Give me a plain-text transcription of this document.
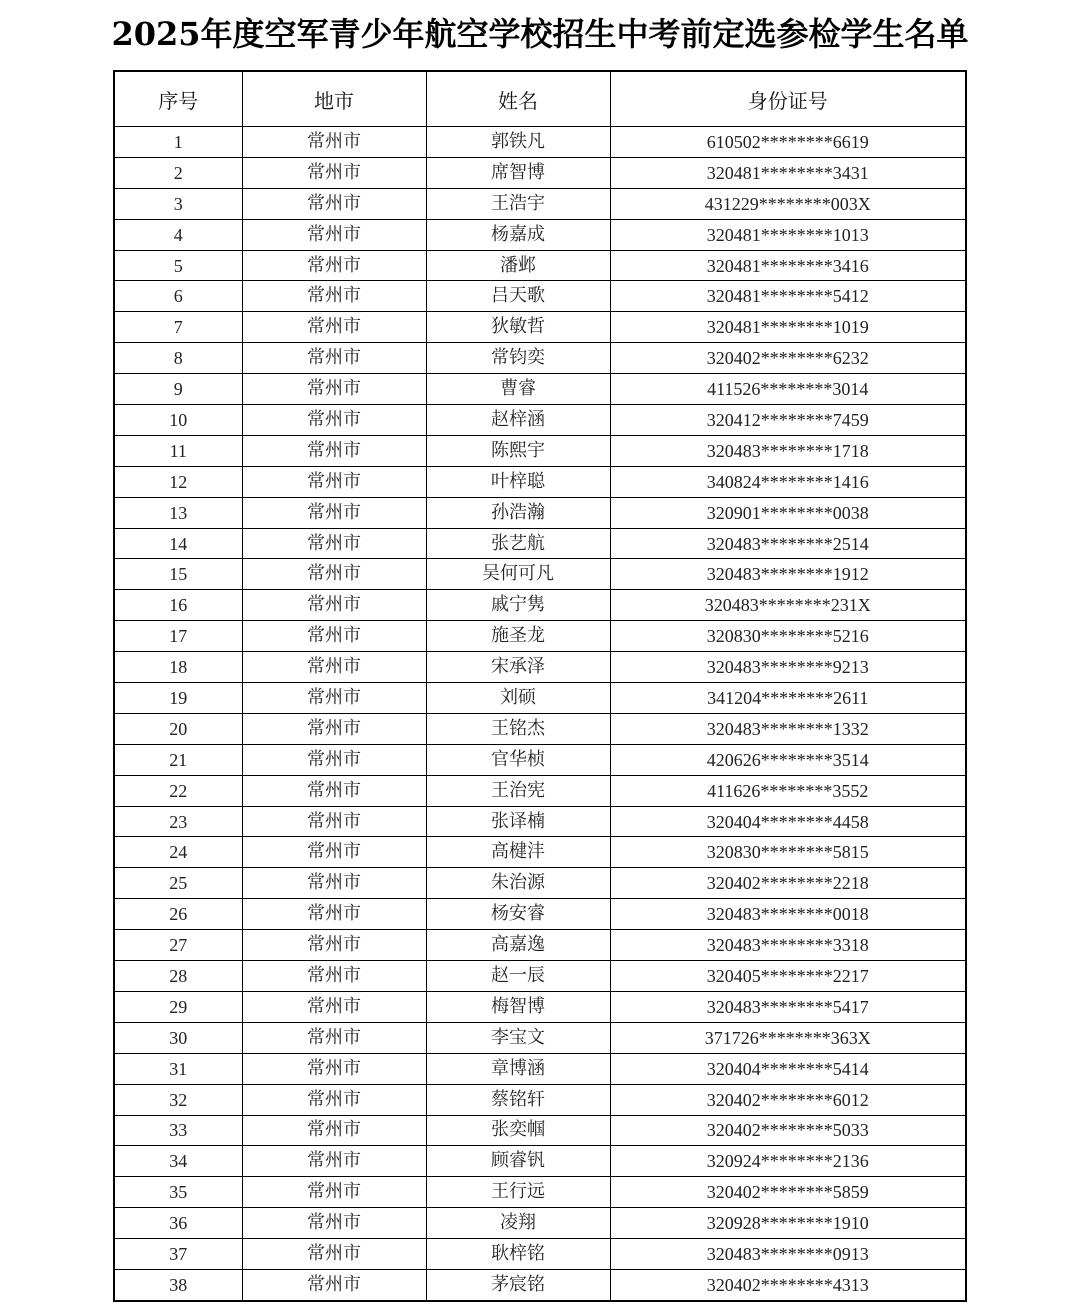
2025年度空军青少年航空学校招生中考前定选参检学生名单
序号	地市	姓名	身份证号
1	常州市	郭铁凡	610502********6619
2	常州市	席智博	320481********3431
3	常州市	王浩宇	431229********003X
4	常州市	杨嘉成	320481********1013
5	常州市	潘邺	320481********3416
6	常州市	吕天歌	320481********5412
7	常州市	狄敏哲	320481********1019
8	常州市	常钧奕	320402********6232
9	常州市	曹睿	411526********3014
10	常州市	赵梓涵	320412********7459
11	常州市	陈熙宇	320483********1718
12	常州市	叶梓聪	340824********1416
13	常州市	孙浩瀚	320901********0038
14	常州市	张艺航	320483********2514
15	常州市	吴何可凡	320483********1912
16	常州市	戚宁隽	320483********231X
17	常州市	施圣龙	320830********5216
18	常州市	宋承泽	320483********9213
19	常州市	刘硕	341204********2611
20	常州市	王铭杰	320483********1332
21	常州市	官华桢	420626********3514
22	常州市	王治宪	411626********3552
23	常州市	张译楠	320404********4458
24	常州市	高楗沣	320830********5815
25	常州市	朱治源	320402********2218
26	常州市	杨安睿	320483********0018
27	常州市	高嘉逸	320483********3318
28	常州市	赵一辰	320405********2217
29	常州市	梅智博	320483********5417
30	常州市	李宝文	371726********363X
31	常州市	章博涵	320404********5414
32	常州市	蔡铭轩	320402********6012
33	常州市	张奕帼	320402********5033
34	常州市	顾睿钒	320924********2136
35	常州市	王行远	320402********5859
36	常州市	凌翔	320928********1910
37	常州市	耿梓铭	320483********0913
38	常州市	茅宸铭	320402********4313
